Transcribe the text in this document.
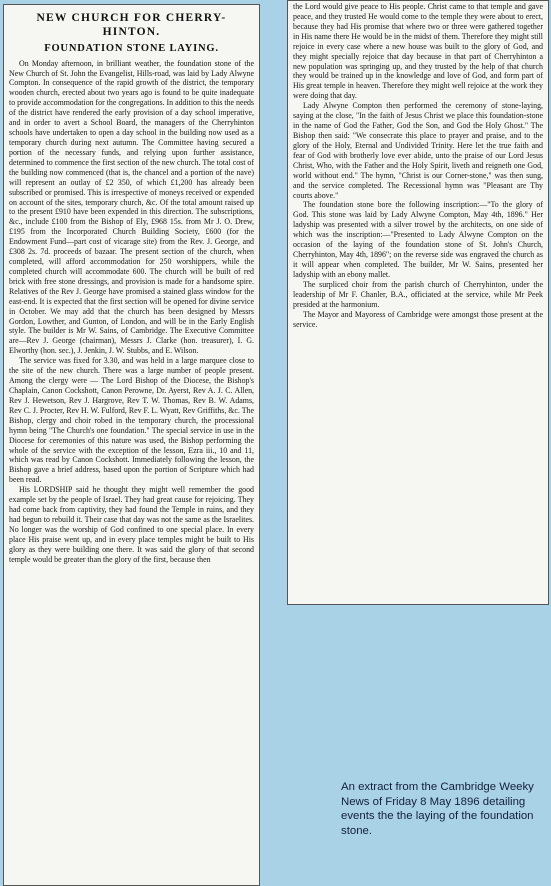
NEW CHURCH FOR CHERRY-HINTON.
FOUNDATION STONE LAYING.

On Monday afternoon, in brilliant weather, the foundation stone of the New Church of St. John the Evangelist, Hills-road, was laid by Lady Alwyne Compton. In consequence of the rapid growth of the district, the temporary wooden church, erected about two years ago is found to be quite inadequate to provide accommodation for the congregations. In addition to this the needs of the district have rendered the early provision of a day school imperative, and in order to avert a School Board, the managers of the Cherryhinton schools have undertaken to open a day school in the building now used as a temporary church during next autumn. The Committee having secured a portion of the necessary funds, and relying upon further assistance, determined to commence the first section of the new church. The total cost of the building now commenced (that is, the chancel and a portion of the nave) will represent an outlay of £2 350, of which £1,200 has already been subscribed or promised. This is irrespective of moneys received or expended on account of the sites, temporary church, &c. Of the total amount raised up to the present £910 have been expended in this direction. The subscriptions, &c., include £100 from the Bishop of Ely, £968 15s. from Mr J. O. Drew, £195 from the Incorporated Church Building Society, £600 (for the Endowment Fund—part cost of vicarage site) from the Rev. J. George, and £308 2s. 7d. proceeds of bazaar. The present section of the church, when completed, will afford accommodation for 250 worshippers, while the completed church will accommodate 600. The church will be built of red brick with free stone dressings, and provision is made for a handsome spire. Relatives of the Rev J. George have promised a stained glass window for the east-end. It is expected that the first section will be opened for divine service in October. We may add that the church has been designed by Messrs Gordon, Lowther, and Gunton, of London, and will be in the Early English style. The builder is Mr W. Sains, of Cambridge. The Executive Committee are—Rev J. George (chairman), Messrs J. Clarke (hon. treasurer), I. G. Elworthy (hon. sec.), J. Jenkin, J. W. Stubbs, and E. Wilson.

The service was fixed for 3.30, and was held in a large marquee close to the site of the new church. There was a large number of people present. Among the clergy were — The Lord Bishop of the Diocese, the Bishop's Chaplain, Canon Cockshott, Canon Perowne, Dr. Ayerst, Rev A. J. C. Allen, Rev J. Hewetson, Rev J. Hargrove, Rev T. W. Thomas, Rev B. W. Adams, Rev C. J. Procter, Rev H. W. Fulford, Rev F. L. Wyatt, Rev Griffiths, &c. The Bishop, clergy and choir robed in the temporary church, the processional hymn being "The Church's one foundation." The special service in use in the Diocese for ceremonies of this nature was used, the Bishop performing the whole of the service with the exception of the lesson, Ezra iii., 10 and 11, which was read by Canon Cockshott. Immediately following the lesson, the Bishop gave a brief address, based upon the portion of Scripture which had been read.

His LORDSHIP said he thought they might well remember the good example set by the people of Israel. They had great cause for rejoicing. They had come back from captivity, they had found the Temple in ruins, and they had begun to rebuild it. Their case that day was not the same as the Israelites. No longer was the worship of God confined to one special place. In every place His praise went up, and in every place temples might be built to His glory as they were building one there. It was said the glory of that second temple would be greater than the glory of the first, because then

the Lord would give peace to His people. Christ came to that temple and gave peace, and they trusted He would come to the temple they were about to erect, because they had His promise that where two or three were gathered together in His name there He would be in the midst of them. Therefore they might still rejoice in every case where a new house was built to the glory of God, and they might specially rejoice that day because in that part of Cherryhinton a new population was springing up, and they trusted by the help of that church they would be trained up in the knowledge and love of God, and form part of His great temple in heaven. Therefore they might well rejoice at the work they were doing that day.

Lady Alwyne Compton then performed the ceremony of stone-laying, saying at the close, "In the faith of Jesus Christ we place this foundation-stone in the name of God the Father, God the Son, and God the Holy Ghost." The Bishop then said: "We consecrate this place to prayer and praise, and to the glory of the Holy, Eternal and Undivided Trinity. Here let the true faith and fear of God with brotherly love ever abide, unto the praise of our Lord Jesus Christ, Who, with the Father and the Holy Spirit, liveth and reigneth one God, world without end." The hymn, "Christ is our Corner-stone," was then sung, and the service completed. The Recessional hymn was "Pleasant are Thy courts above."

The foundation stone bore the following inscription:—"To the glory of God. This stone was laid by Lady Alwyne Compton, May 4th, 1896." Her ladyship was presented with a silver trowel by the architects, on one side of which was the inscription:—"Presented to Lady Alwyne Compton on the occasion of the laying of the foundation stone of St. John's Church, Cherryhinton, May 4th, 1896"; on the reverse side was engraved the church as it will appear when completed. The builder, Mr W. Sains, presented her ladyship with an ebony mallet.

The surpliced choir from the parish church of Cherryhinton, under the leadership of Mr F. Chanler, B.A., officiated at the service, while Mr Peek presided at the harmonium.

The Mayor and Mayoress of Cambridge were amongst those present at the service.

An extract from the Cambridge Weeky News of Friday 8 May 1896 detailing events the the laying of the foundation stone.
